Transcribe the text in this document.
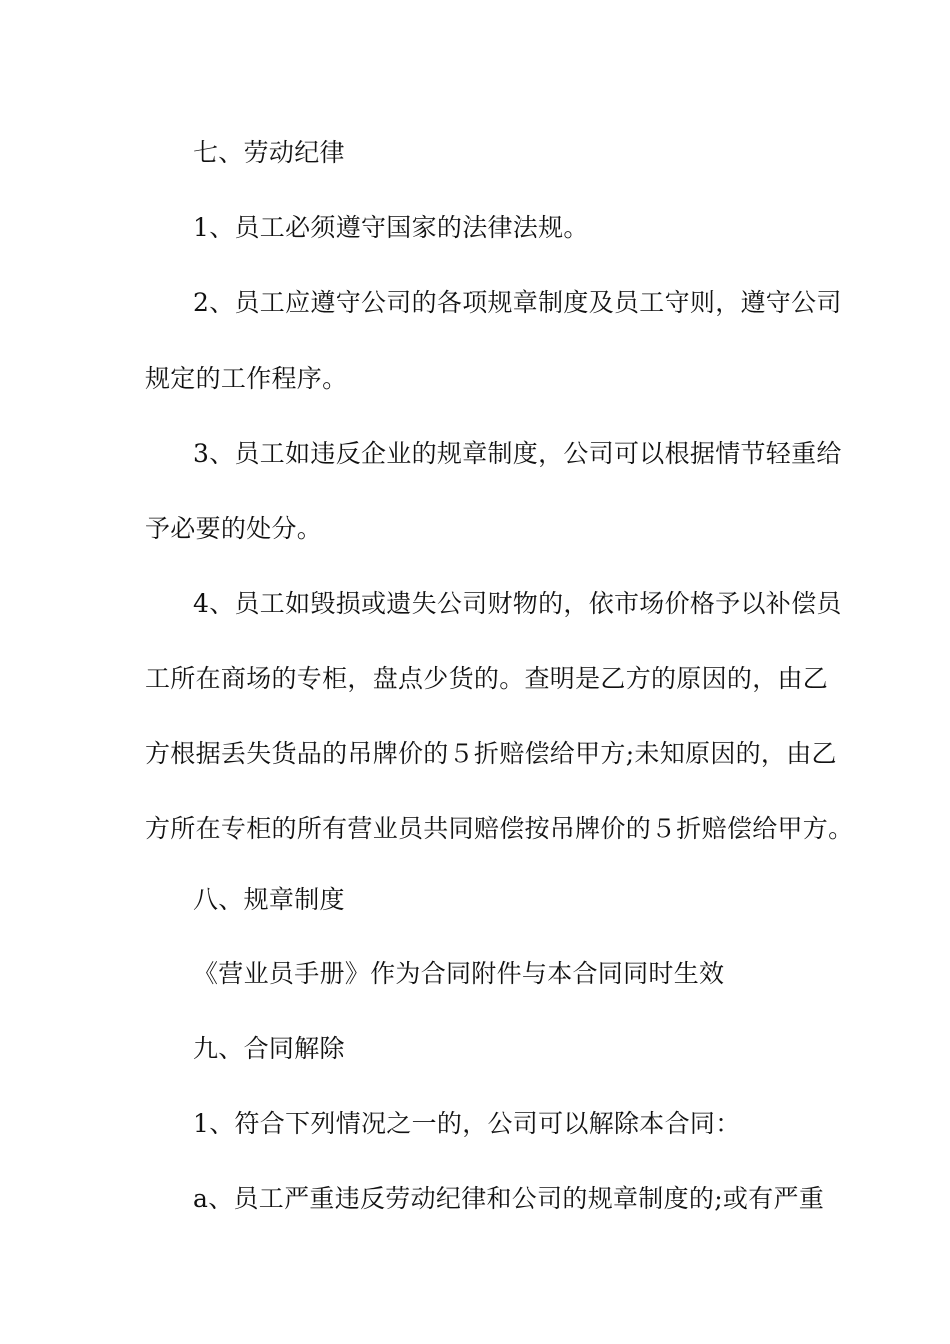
七、劳动纪律
1、员工必须遵守国家的法律法规。
2、员工应遵守公司的各项规章制度及员工守则，遵守公司
规定的工作程序。
3、员工如违反企业的规章制度，公司可以根据情节轻重给
予必要的处分。
4、员工如毁损或遗失公司财物的，依市场价格予以补偿员
工所在商场的专柜，盘点少货的。查明是乙方的原因的，由乙
方根据丢失货品的吊牌价的５折赔偿给甲方;未知原因的，由乙
方所在专柜的所有营业员共同赔偿按吊牌价的５折赔偿给甲方。
八、规章制度
《营业员手册》作为合同附件与本合同同时生效
九、合同解除
1、符合下列情况之一的，公司可以解除本合同：
a、员工严重违反劳动纪律和公司的规章制度的;或有严重
